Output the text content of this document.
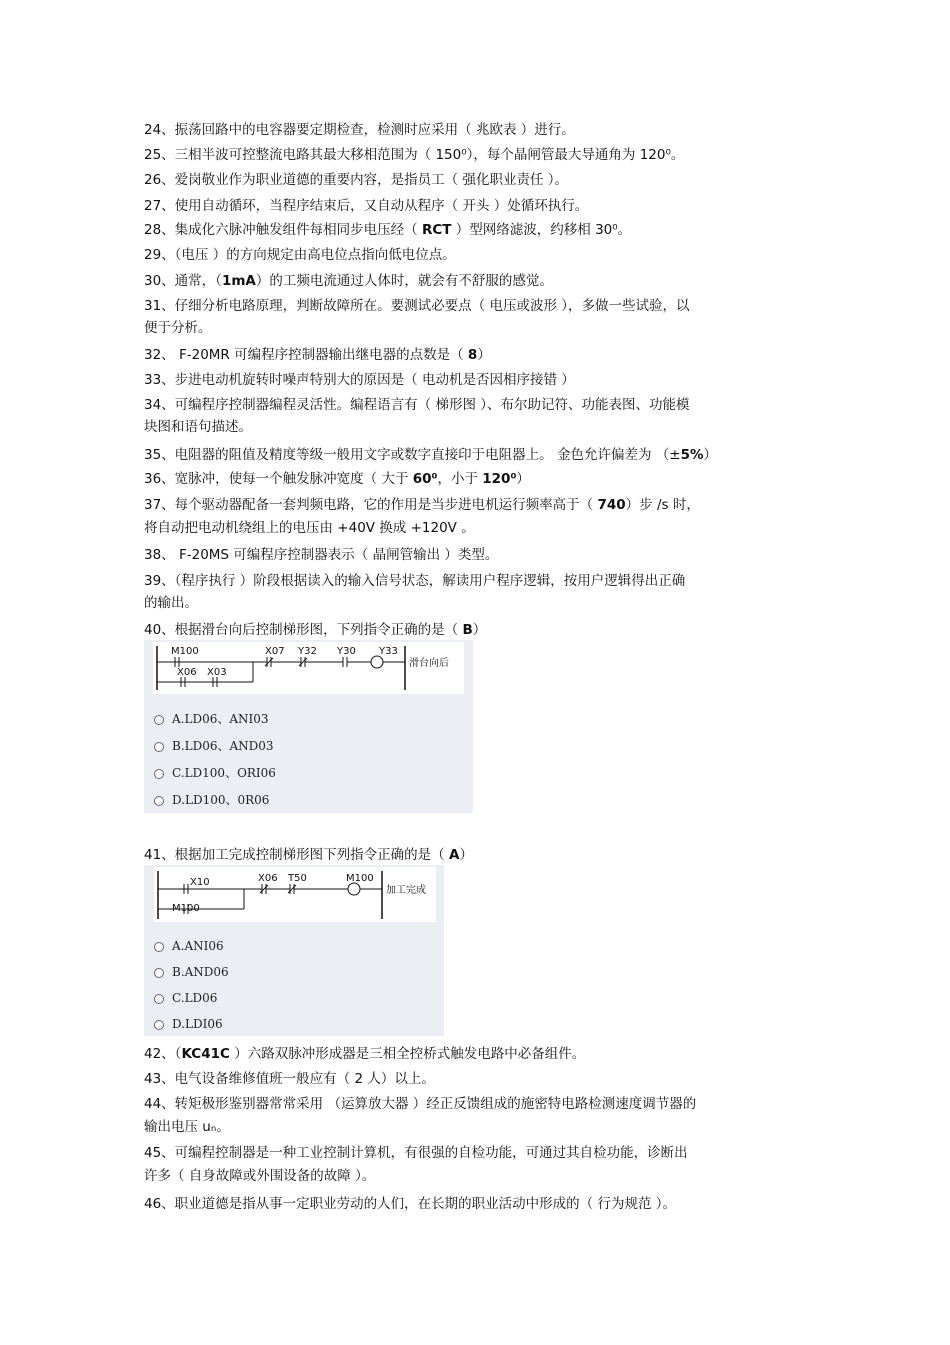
24、振荡回路中的电容器要定期检查，检测时应采用（ 兆欧表 ）进行。
25、三相半波可控整流电路其最大移相范围为（ 150⁰），每个晶闸管最大导通角为 120⁰。
26、爱岗敬业作为职业道德的重要内容，是指员工（ 强化职业责任 ）。
27、使用自动循环，当程序结束后，又自动从程序（ 开头 ）处循环执行。
28、集成化六脉冲触发组件每相同步电压经（ RCT ）型网络滤波，约移相 30⁰。
29、（电压 ）的方向规定由高电位点指向低电位点。
30、通常，（1mA）的工频电流通过人体时，就会有不舒服的感觉。
31、仔细分析电路原理，判断故障所在。要测试必要点（ 电压或波形 ），多做一些试验，以
便于分析。
32、 F-20MR 可编程序控制器输出继电器的点数是（ 8）
33、步进电动机旋转时噪声特别大的原因是（ 电动机是否因相序接错 ）
34、可编程序控制器编程灵活性。编程语言有（ 梯形图 ）、布尔助记符、功能表图、功能模
块图和语句描述。
35、电阻器的阻值及精度等级一般用文字或数字直接印于电阻器上。 金色允许偏差为 （±5%）
36、宽脉冲，使每一个触发脉冲宽度（ 大于 60⁰，小于 120⁰）
37、每个驱动器配备一套判频电路，它的作用是当步进电机运行频率高于（ 740）步 /s 时，
将自动把电动机绕组上的电压由 +40V 换成 +120V 。
38、 F-20MS 可编程序控制器表示（ 晶闸管输出 ）类型。
39、（程序执行 ）阶段根据读入的输入信号状态，解读用户程序逻辑，按用户逻辑得出正确
的输出。
40、根据滑台向后控制梯形图，下列指令正确的是（ B）
M100
X06 X03
X07 Y32 Y30 Y33
滑台向后
A.LD06、ANI03
B.LD06、AND03
C.LD100、ORI06
D.LD100、0R06
41、根据加工完成控制梯形图下列指令正确的是（ A）
X10
M100
X06 T50	M100
加工完成
A.ANI06
B.AND06
C.LD06
D.LDI06
42、（KC41C ）六路双脉冲形成器是三相全控桥式触发电路中必备组件。
43、电气设备维修值班一般应有（ 2 人）以上。
44、转矩极形鉴别器常常采用 （运算放大器 ）经正反馈组成的施密特电路检测速度调节器的
输出电压 uₙ。
45、可编程控制器是一种工业控制计算机，有很强的自检功能，可通过其自检功能，诊断出
许多（ 自身故障或外围设备的故障 ）。
46、职业道德是指从事一定职业劳动的人们，在长期的职业活动中形成的（ 行为规范 ）。
